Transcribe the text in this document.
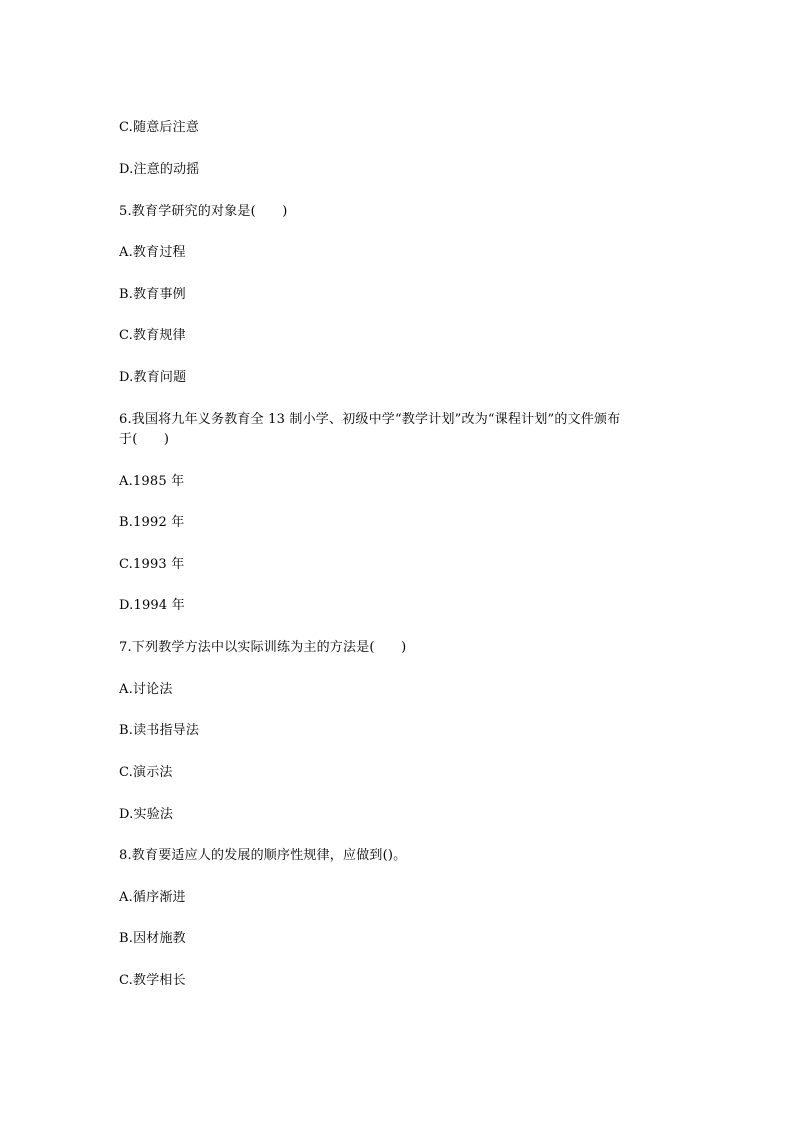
C.随意后注意
D.注意的动摇
5.教育学研究的对象是(　　)
A.教育过程
B.教育事例
C.教育规律
D.教育问题
6.我国将九年义务教育全 13 制小学、初级中学“教学计划”改为“课程计划”的文件颁布
于(　　)
A.1985 年
B.1992 年
C.1993 年
D.1994 年
7.下列教学方法中以实际训练为主的方法是(　　)
A.讨论法
B.读书指导法
C.演示法
D.实验法
8.教育要适应人的发展的顺序性规律，应做到()。
A.循序渐进
B.因材施教
C.教学相长
